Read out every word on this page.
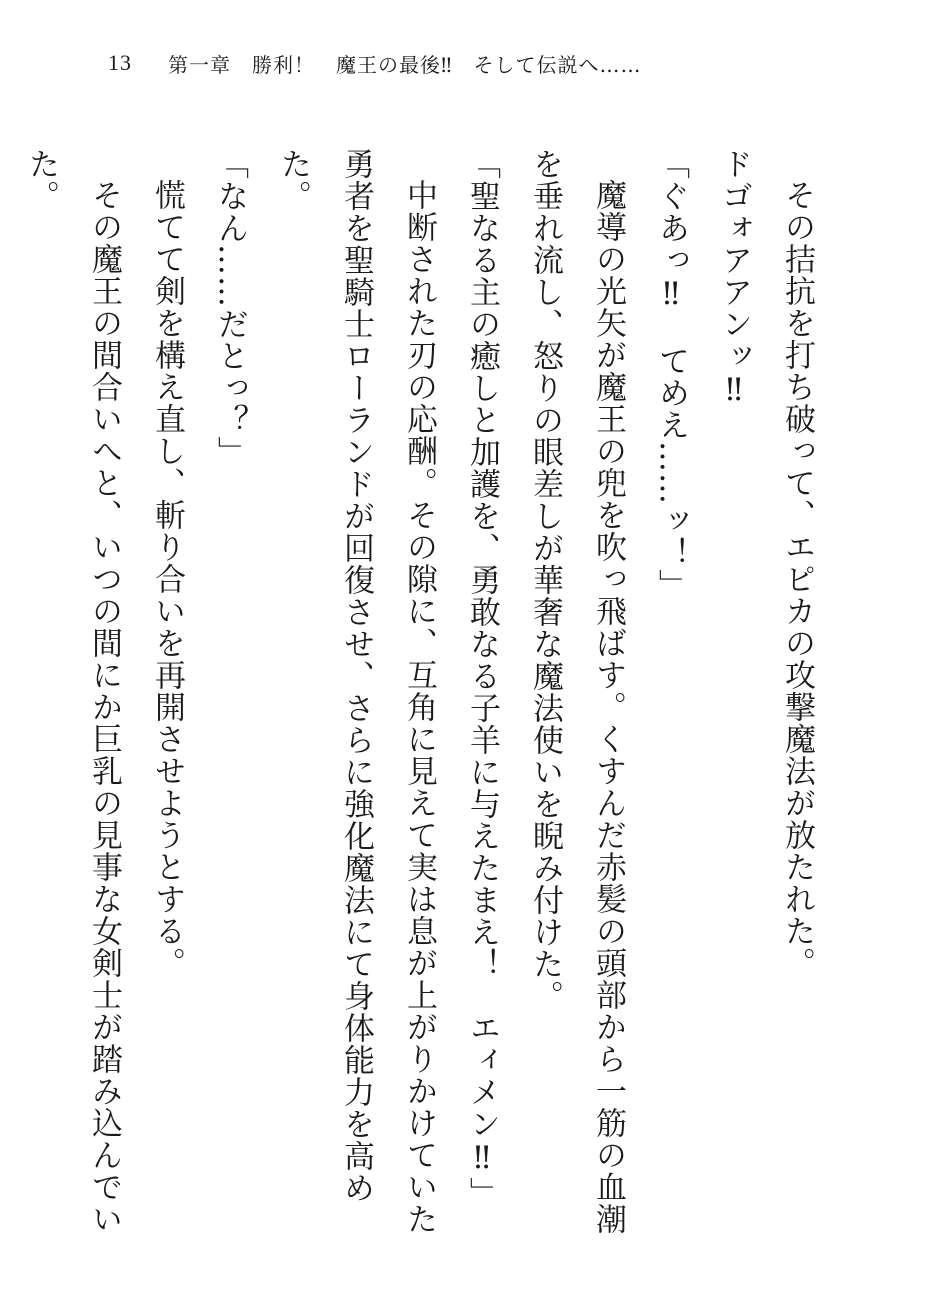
13 第一章　勝利！　魔王の最後‼　そして伝説へ……

その拮抗を打ち破って、エピカの攻撃魔法が放たれた。

ドゴォアアンッ‼

「ぐあっ‼　てめえ……ッ！」

魔導の光矢が魔王の兜を吹っ飛ばす。くすんだ赤髪の頭部から一筋の血潮を垂れ流し、怒りの眼差しが華奢な魔法使いを睨み付けた。

「聖なる主の癒しと加護を、勇敢なる子羊に与えたまえ！　エィメン‼」

中断された刃の応酬。その隙に、互角に見えて実は息が上がりかけていた勇者を聖騎士ローランドが回復させ、さらに強化魔法にて身体能力を高めた。

「なん……だとっ？」

慌てて剣を構え直し、斬り合いを再開させようとする。

その魔王の間合いへと、いつの間にか巨乳の見事な女剣士が踏み込んでいた。
